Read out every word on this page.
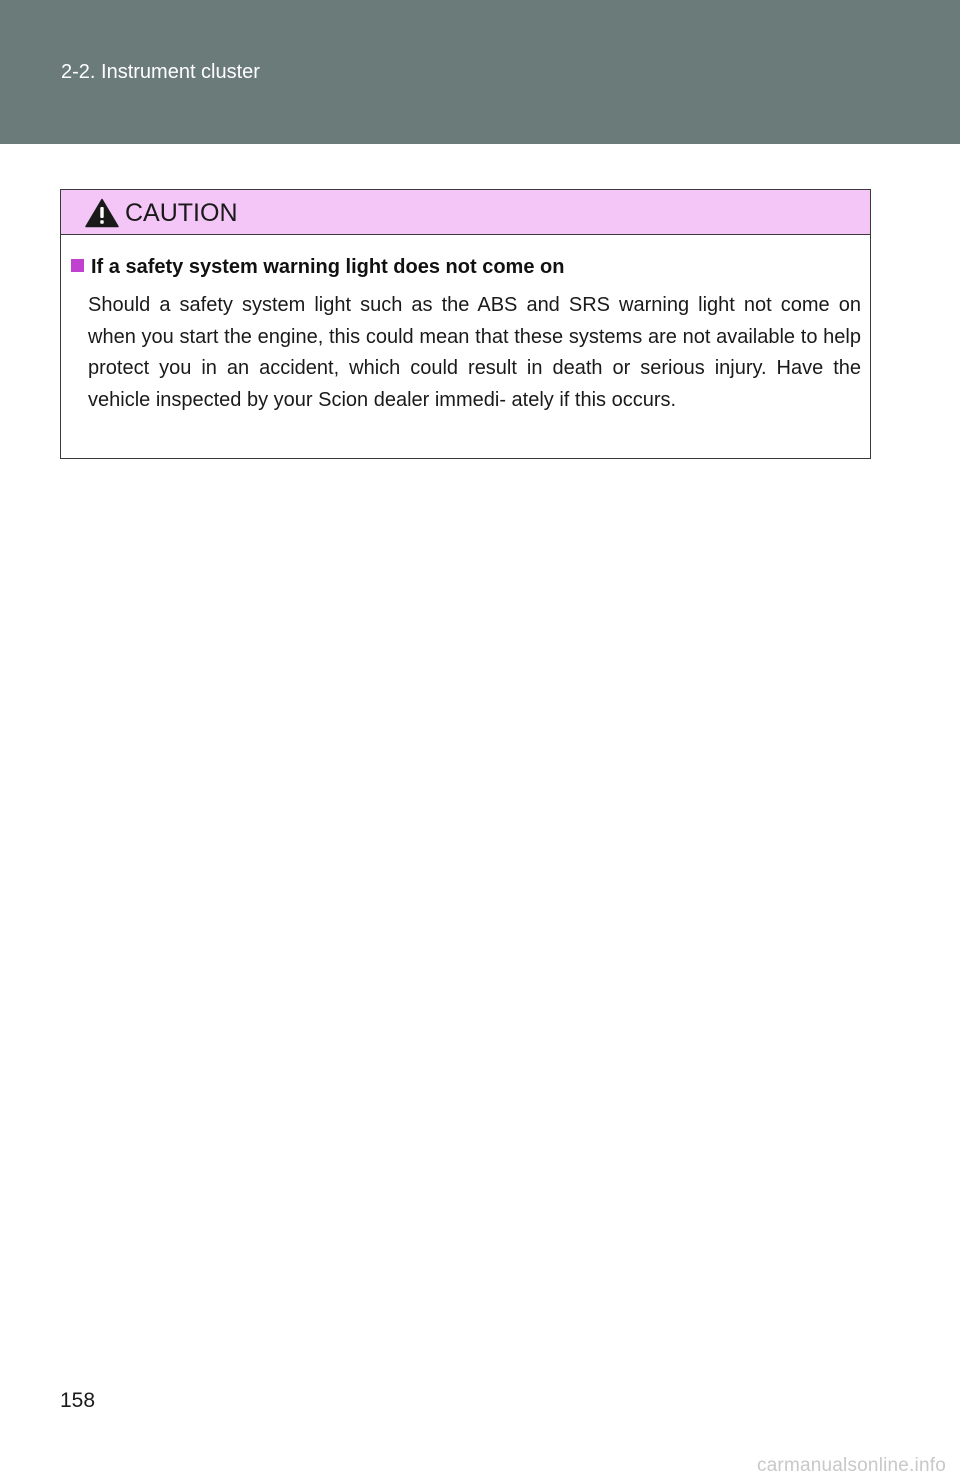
2-2. Instrument cluster
CAUTION
If a safety system warning light does not come on

Should a safety system light such as the ABS and SRS warning light not come on when you start the engine, this could mean that these systems are not available to help protect you in an accident, which could result in death or serious injury. Have the vehicle inspected by your Scion dealer immedi- ately if this occurs.

158
carmanualsonline.info
